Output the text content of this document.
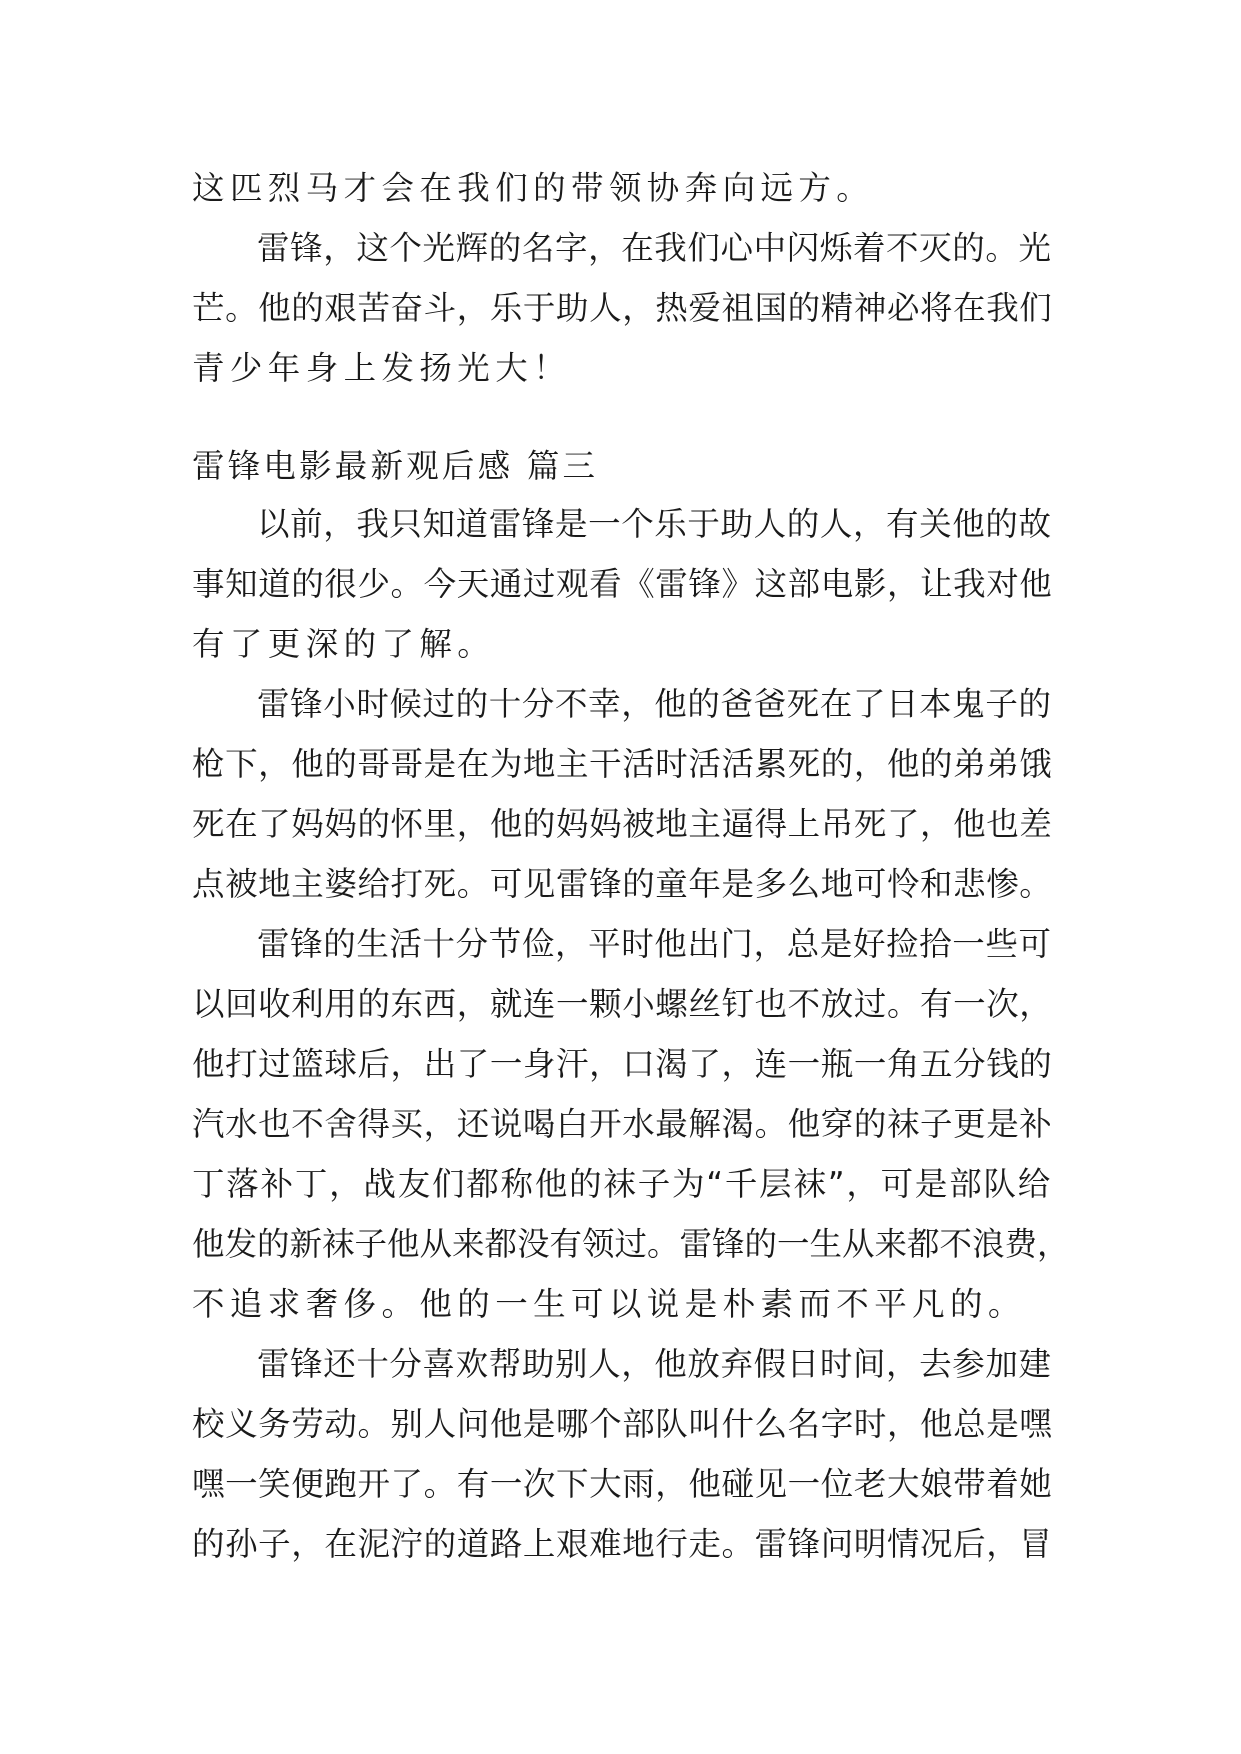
这匹烈马才会在我们的带领协奔向远方。
雷锋，这个光辉的名字，在我们心中闪烁着不灭的。光
芒。他的艰苦奋斗，乐于助人，热爱祖国的精神必将在我们
青少年身上发扬光大！
雷锋电影最新观后感 篇三
以前，我只知道雷锋是一个乐于助人的人，有关他的故
事知道的很少。今天通过观看《雷锋》这部电影，让我对他
有了更深的了解。
雷锋小时候过的十分不幸，他的爸爸死在了日本鬼子的
枪下，他的哥哥是在为地主干活时活活累死的，他的弟弟饿
死在了妈妈的怀里，他的妈妈被地主逼得上吊死了，他也差
点被地主婆给打死。可见雷锋的童年是多么地可怜和悲惨。
雷锋的生活十分节俭，平时他出门，总是好捡拾一些可
以回收利用的东西，就连一颗小螺丝钉也不放过。有一次，
他打过篮球后，出了一身汗，口渴了，连一瓶一角五分钱的
汽水也不舍得买，还说喝白开水最解渴。他穿的袜子更是补
丁落补丁，战友们都称他的袜子为“千层袜”，可是部队给
他发的新袜子他从来都没有领过。雷锋的一生从来都不浪费，
不追求奢侈。他的一生可以说是朴素而不平凡的。
雷锋还十分喜欢帮助别人，他放弃假日时间，去参加建
校义务劳动。别人问他是哪个部队叫什么名字时，他总是嘿
嘿一笑便跑开了。有一次下大雨，他碰见一位老大娘带着她
的孙子，在泥泞的道路上艰难地行走。雷锋问明情况后，冒
